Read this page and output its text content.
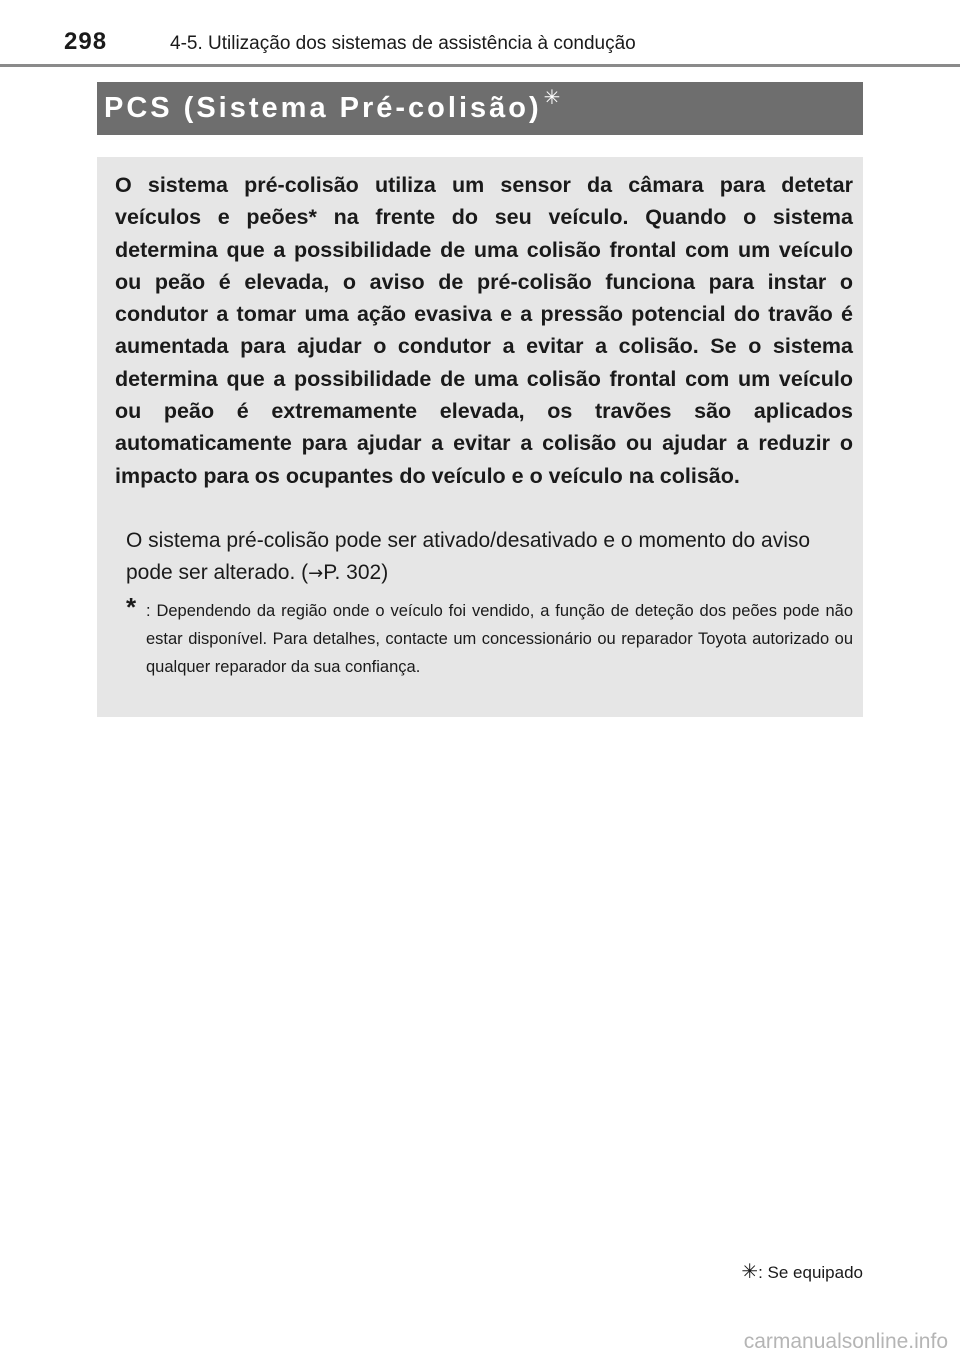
298	4-5. Utilização dos sistemas de assistência à condução
PCS (Sistema Pré-colisão) ✳

O sistema pré-colisão utiliza um sensor da câmara para detetar veículos e peões* na frente do seu veículo. Quando o sistema determina que a possibilidade de uma colisão frontal com um veículo ou peão é elevada, o aviso de pré-colisão funciona para instar o condutor a tomar uma ação evasiva e a pressão potencial do travão é aumentada para ajudar o condutor a evitar a colisão. Se o sistema determina que a possibilidade de uma colisão frontal com um veículo ou peão é extremamente elevada, os travões são aplicados automaticamente para ajudar a evitar a colisão ou ajudar a reduzir o impacto para os ocupantes do veículo e o veículo na colisão.

O sistema pré-colisão pode ser ativado/desativado e o momento do aviso pode ser alterado. (→P. 302)

* : Dependendo da região onde o veículo foi vendido, a função de deteção dos peões pode não estar disponível. Para detalhes, contacte um concessionário ou reparador Toyota autorizado ou qualquer reparador da sua confiança.

✳: Se equipado
carmanualsonline.info
